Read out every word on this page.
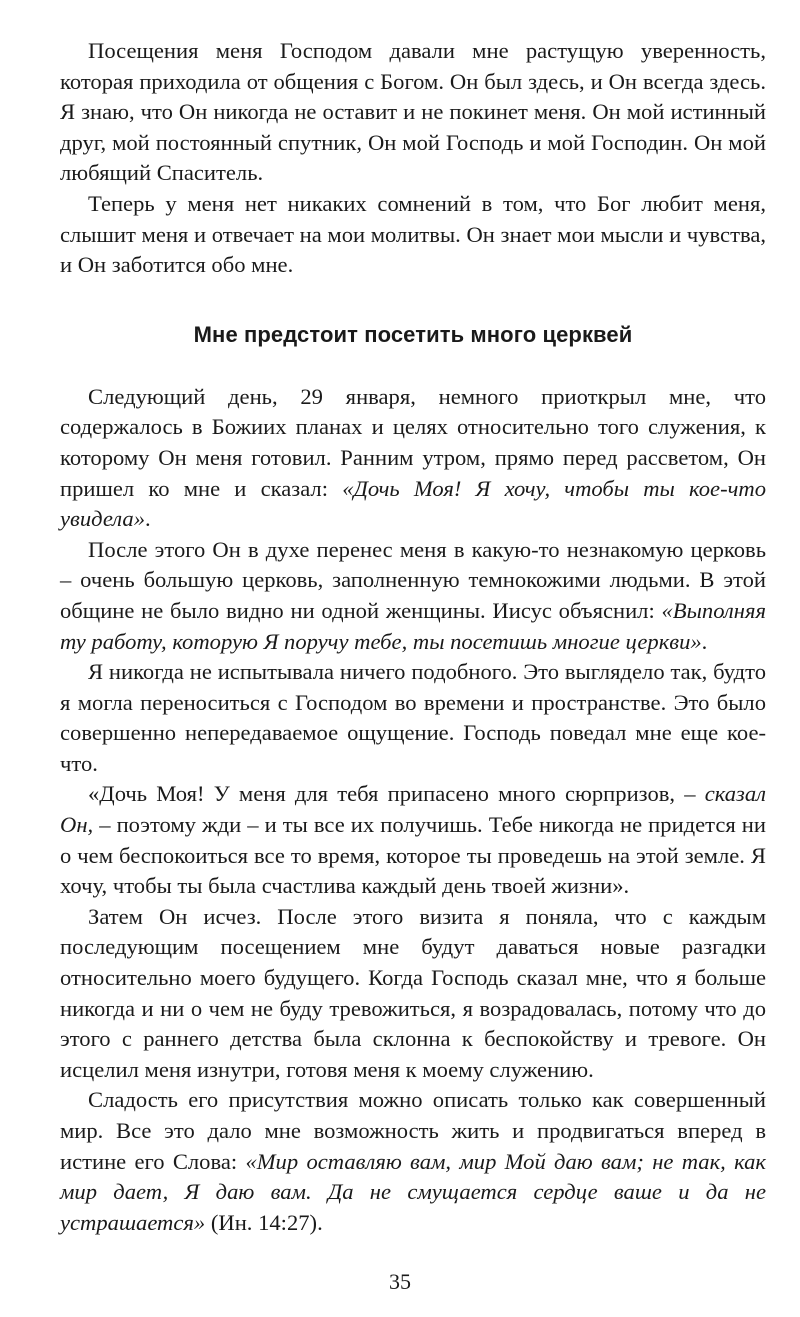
Посещения меня Господом давали мне растущую уверенность, которая приходила от общения с Богом. Он был здесь, и Он всегда здесь. Я знаю, что Он никогда не оставит и не покинет меня. Он мой истинный друг, мой постоянный спутник, Он мой Господь и мой Господин. Он мой любящий Спаситель.

Теперь у меня нет никаких сомнений в том, что Бог любит меня, слышит меня и отвечает на мои молитвы. Он знает мои мысли и чувства, и Он заботится обо мне.

Мне предстоит посетить много церквей

Следующий день, 29 января, немного приоткрыл мне, что содержалось в Божиих планах и целях относительно того служения, к которому Он меня готовил. Ранним утром, прямо перед рассветом, Он пришел ко мне и сказал: «Дочь Моя! Я хочу, чтобы ты кое-что увидела».

После этого Он в духе перенес меня в какую-то незнакомую церковь – очень большую церковь, заполненную темнокожими людьми. В этой общине не было видно ни одной женщины. Иисус объяснил: «Выполняя ту работу, которую Я поручу тебе, ты посетишь многие церкви».

Я никогда не испытывала ничего подобного. Это выглядело так, будто я могла переноситься с Господом во времени и пространстве. Это было совершенно непередаваемое ощущение. Господь поведал мне еще кое-что.

«Дочь Моя! У меня для тебя припасено много сюрпризов, – сказал Он, – поэтому жди – и ты все их получишь. Тебе никогда не придется ни о чем беспокоиться все то время, которое ты проведешь на этой земле. Я хочу, чтобы ты была счастлива каждый день твоей жизни».

Затем Он исчез. После этого визита я поняла, что с каждым последующим посещением мне будут даваться новые разгадки относительно моего будущего. Когда Господь сказал мне, что я больше никогда и ни о чем не буду тревожиться, я возрадовалась, потому что до этого с раннего детства была склонна к беспокойству и тревоге. Он исцелил меня изнутри, готовя меня к моему служению.

Сладость его присутствия можно описать только как совершенный мир. Все это дало мне возможность жить и продвигаться вперед в истине его Слова: «Мир оставляю вам, мир Мой даю вам; не так, как мир дает, Я даю вам. Да не смущается сердце ваше и да не устрашается» (Ин. 14:27).

35
